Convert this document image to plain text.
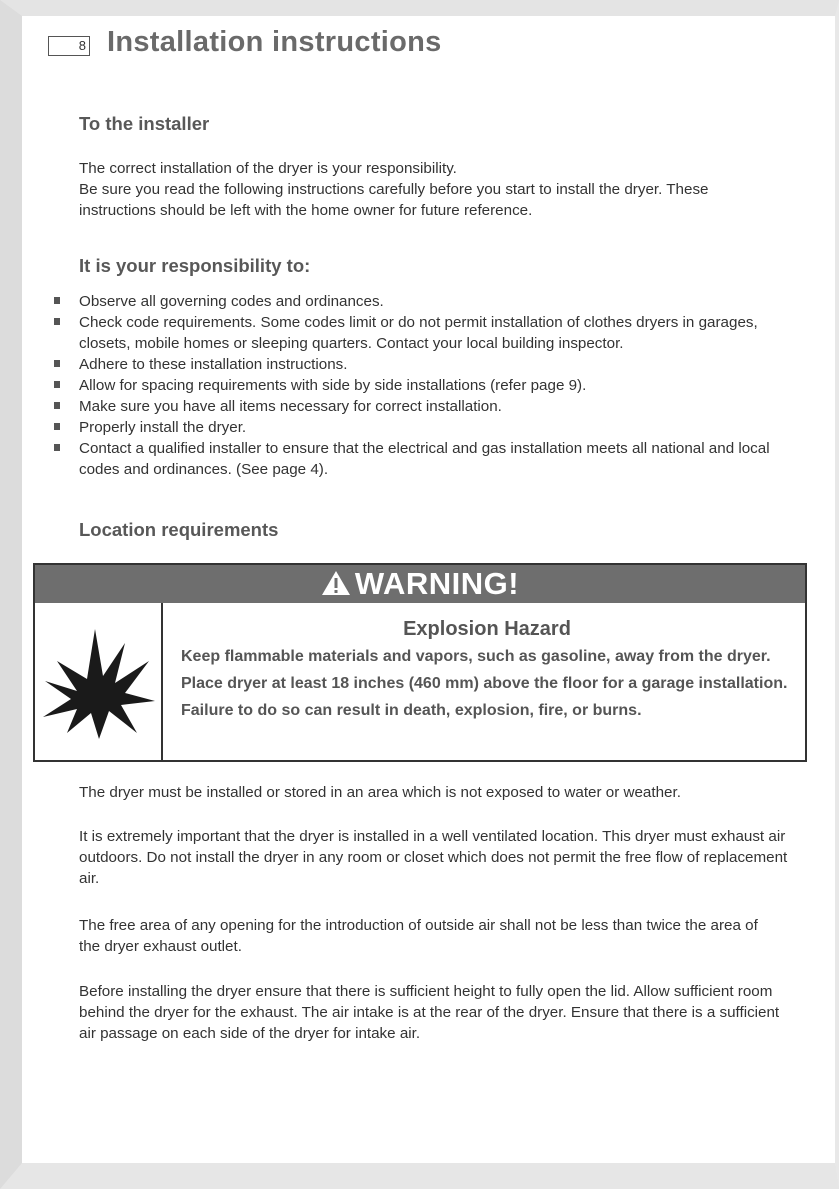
8 Installation instructions
To the installer

The correct installation of the dryer is your responsibility.

Be sure you read the following instructions carefully before you start to install the dryer. These instructions should be left with the home owner for future reference.

It is your responsibility to:
Observe all governing codes and ordinances.
Check code requirements. Some codes limit or do not permit installation of clothes dryers in garages, closets, mobile homes or sleeping quarters. Contact your local building inspector.
Adhere to these installation instructions.
Allow for spacing requirements with side by side installations (refer page 9).
Make sure you have all items necessary for correct installation.
Properly install the dryer.
Contact a qualified installer to ensure that the electrical and gas installation meets all national and local codes and ordinances. (See page 4).
Location requirements
WARNING!
Explosion Hazard

Keep flammable materials and vapors, such as gasoline, away from the dryer.

Place dryer at least 18 inches (460 mm) above the floor for a garage installation.

Failure to do so can result in death, explosion, fire, or burns.

The dryer must be installed or stored in an area which is not exposed to water or weather.

It is extremely important that the dryer is installed in a well ventilated location. This dryer must exhaust air outdoors. Do not install the dryer in any room or closet which does not permit the free flow of replacement air.

The free area of any opening for the introduction of outside air shall not be less than twice the area of the dryer exhaust outlet.

Before installing the dryer ensure that there is sufficient height to fully open the lid. Allow sufficient room behind the dryer for the exhaust. The air intake is at the rear of the dryer. Ensure that there is a sufficient air passage on each side of the dryer for intake air.
